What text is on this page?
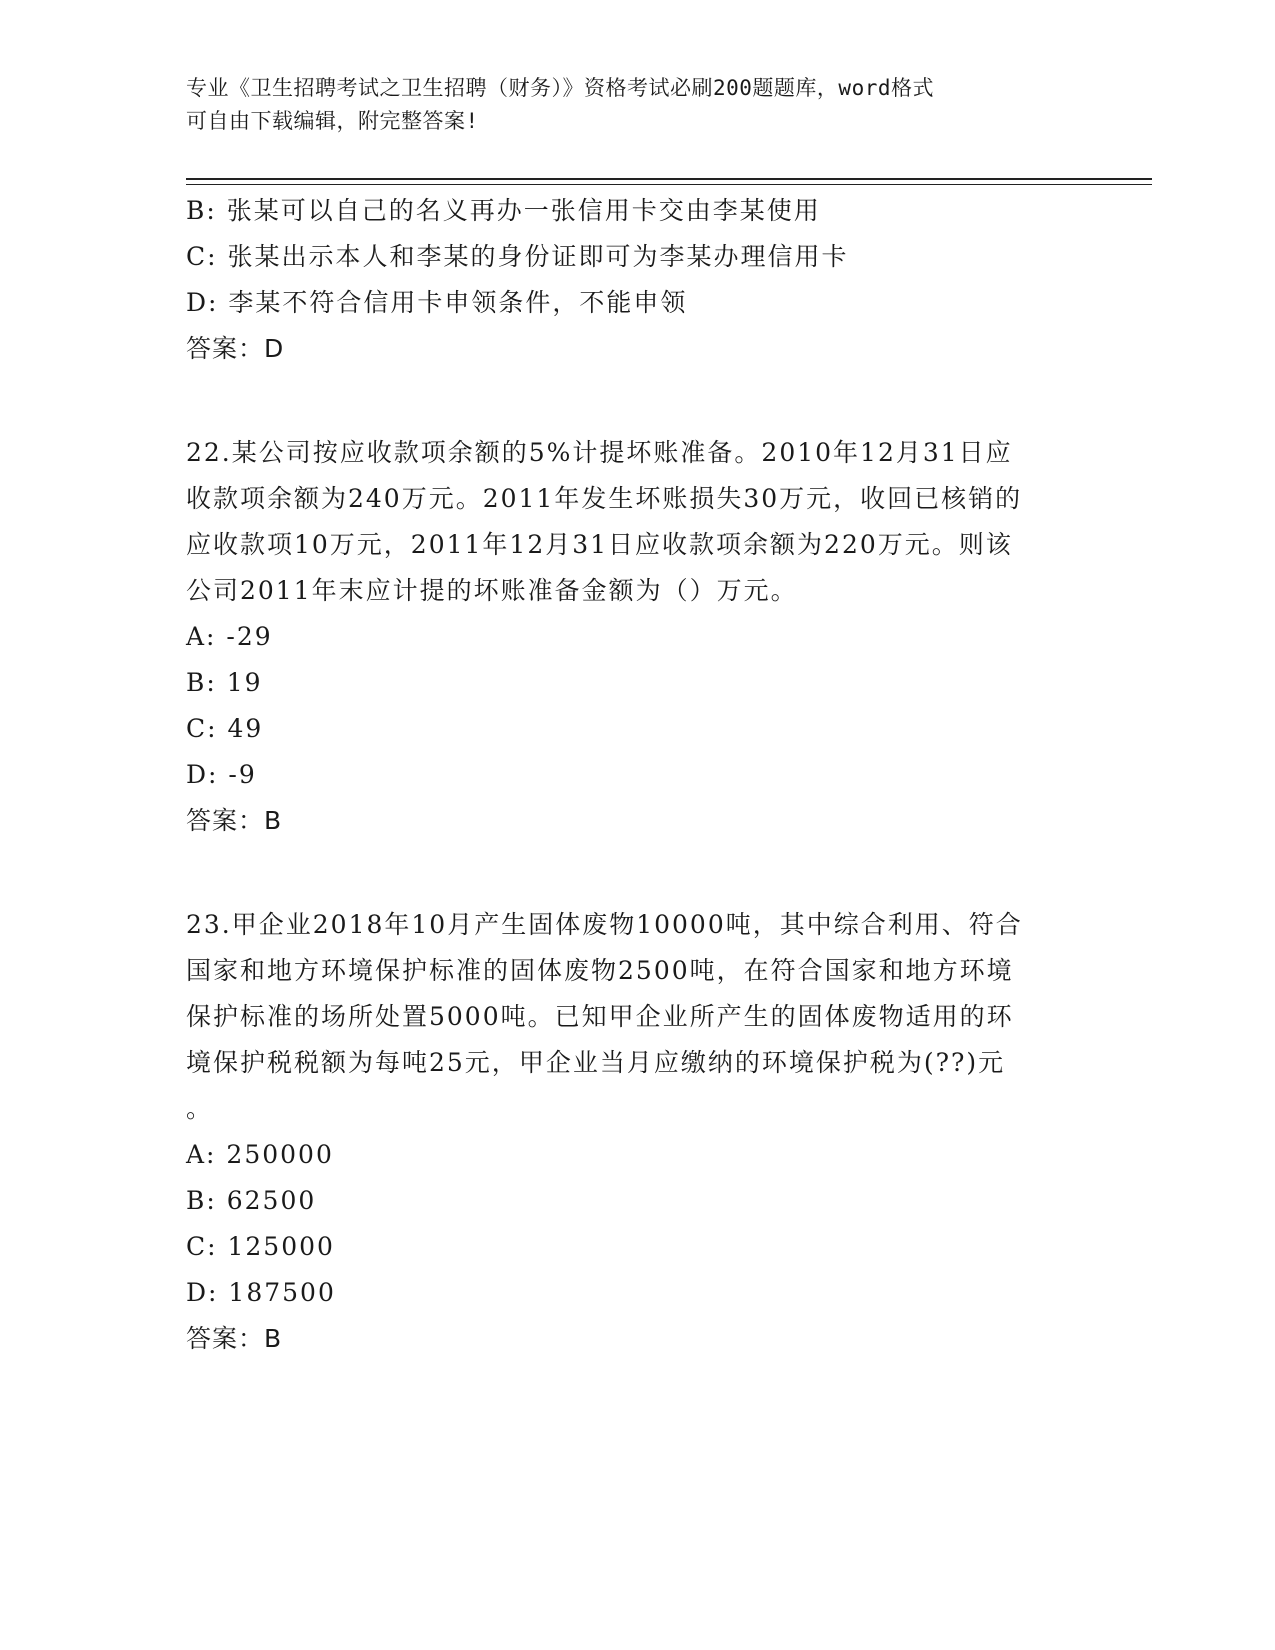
专业《卫生招聘考试之卫生招聘（财务）》资格考试必刷200题题库，word格式
可自由下载编辑，附完整答案!
B: 张某可以自己的名义再办一张信用卡交由李某使用
C: 张某出示本人和李某的身份证即可为李某办理信用卡
D: 李某不符合信用卡申领条件，不能申领
答案：D
22.某公司按应收款项余额的5%计提坏账准备。2010年12月31日应
收款项余额为240万元。2011年发生坏账损失30万元，收回已核销的
应收款项10万元，2011年12月31日应收款项余额为220万元。则该
公司2011年末应计提的坏账准备金额为（）万元。
A: -29
B: 19
C: 49
D: -9
答案：B
23.甲企业2018年10月产生固体废物10000吨，其中综合利用、符合
国家和地方环境保护标准的固体废物2500吨，在符合国家和地方环境
保护标准的场所处置5000吨。已知甲企业所产生的固体废物适用的环
境保护税税额为每吨25元，甲企业当月应缴纳的环境保护税为(??)元
。
A: 250000
B: 62500
C: 125000
D: 187500
答案：B
